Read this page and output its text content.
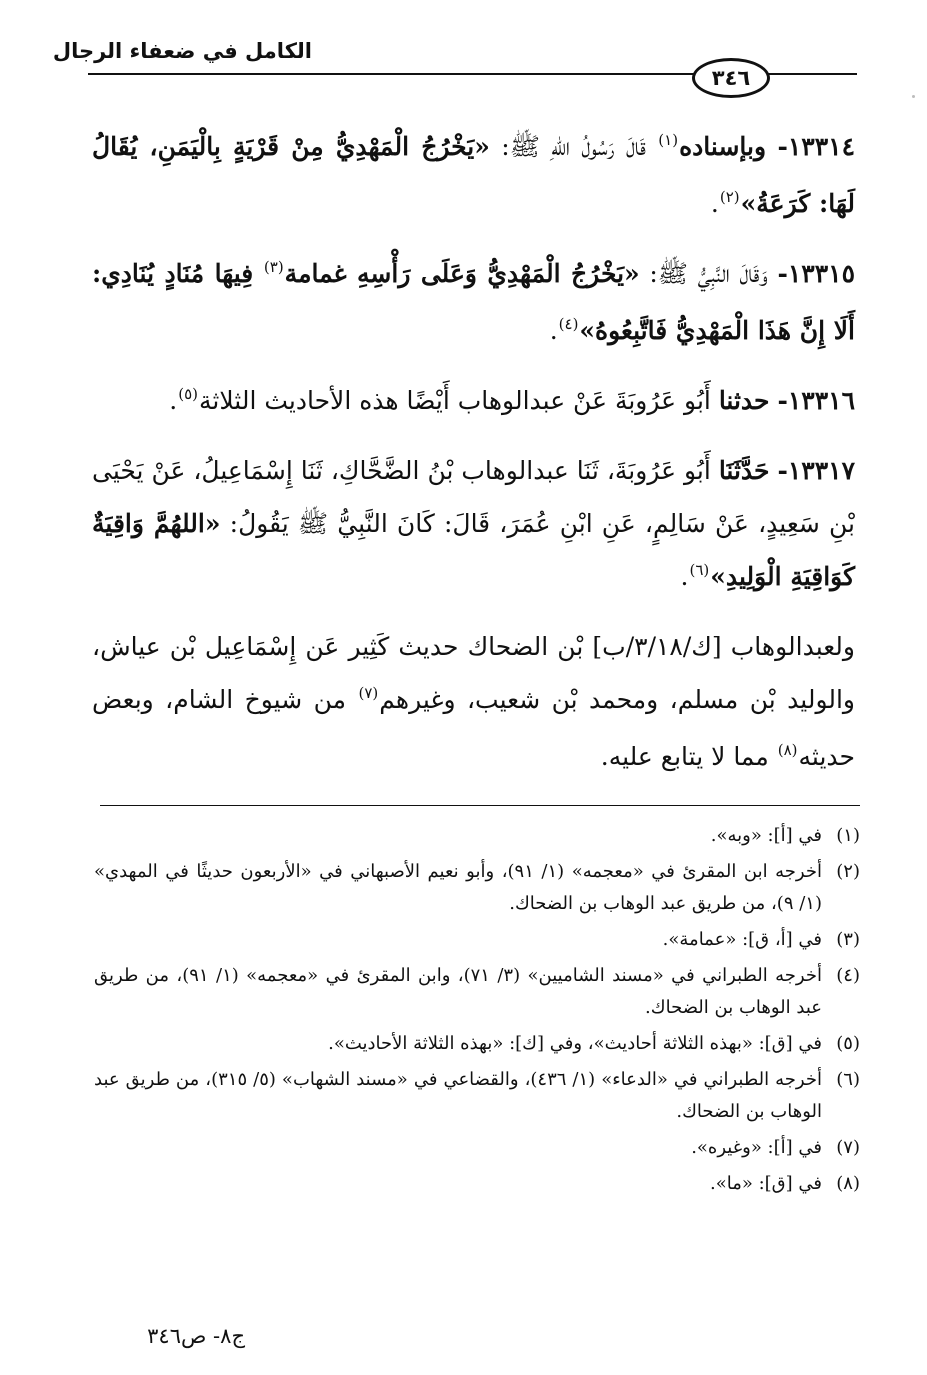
الكامل في ضعفاء الرجال
٣٤٦

١٣٣١٤- وبإسناده$^{(١)}$ قَالَ رَسُولُ اللهِ ﷺ: «يَخْرُجُ الْمَهْدِيُّ مِنْ قَرْيَةٍ بِالْيَمَنِ، يُقَالُ لَهَا: كَرَعَةُ»$^{(٢)}$.

١٣٣١٥- وَقَالَ النَّبِيُّ ﷺ: «يَخْرُجُ الْمَهْدِيُّ وَعَلَى رَأْسِهِ غمامة$^{(٣)}$ فِيهَا مُنَادٍ يُنَادِي: أَلَا إِنَّ هَذَا الْمَهْدِيُّ فَاتَّبِعُوهُ»$^{(٤)}$.

١٣٣١٦- حدثنا أَبُو عَرُوبَةَ عَنْ عبدالوهاب أَيْضًا هذه الأحاديث الثلاثة$^{(٥)}$.

١٣٣١٧- حَدَّثَنَا أَبُو عَرُوبَةَ، ثَنَا عبدالوهاب بْنُ الضَّحَّاكِ، ثَنَا إِسْمَاعِيلُ، عَنْ يَحْيَى بْنِ سَعِيدٍ، عَنْ سَالِمٍ، عَنِ ابْنِ عُمَرَ، قَالَ: كَانَ النَّبِيُّ ﷺ يَقُولُ: «اللهُمَّ وَاقِيَةٌ كَوَاقِيَةِ الْوَلِيدِ»$^{(٦)}$.

ولعبدالوهاب [ك/٣/١٨/ب] بْن الضحاك حديث كَثِير عَن إِسْمَاعِيل بْن عياش، والوليد بْن مسلم، ومحمد بْن شعيب، وغيرهم$^{(٧)}$ من شيوخ الشام، وبعض حديثه$^{(٨)}$ مما لا يتابع عليه.

(١)
في [أ]: «وبه».
(٢)
أخرجه ابن المقرئ في «معجمه» (١/ ٩١)، وأبو نعيم الأصبهاني في «الأربعون حديثًا في المهدي» (١/ ٩)، من طريق عبد الوهاب بن الضحاك.
(٣)
في [أ، ق]: «عمامة».
(٤)
أخرجه الطبراني في «مسند الشاميين» (٣/ ٧١)، وابن المقرئ في «معجمه» (١/ ٩١)، من طريق عبد الوهاب بن الضحاك.
(٥)
في [ق]: «بهذه الثلاثة أحاديث»، وفي [ك]: «بهذه الثلاثة الأحاديث».
(٦)
أخرجه الطبراني في «الدعاء» (١/ ٤٣٦)، والقضاعي في «مسند الشهاب» (٥/ ٣١٥)، من طريق عبد الوهاب بن الضحاك.
(٧)
في [أ]: «وغيره».
(٨)
في [ق]: «ما».
ج٨- ص٣٤٦
